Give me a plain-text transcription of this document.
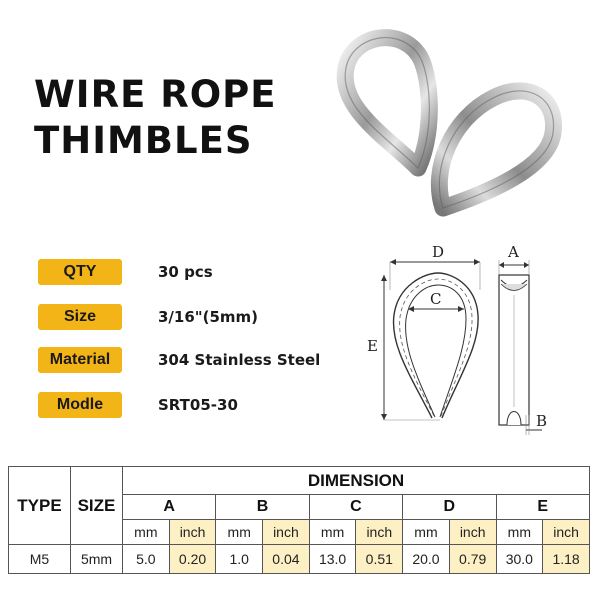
WIRE ROPE
THIMBLES
QTY	30 pcs
Size	3/16"(5mm)
Material	304 Stainless Steel
Modle	SRT05-30
D
E
C
A
B
TYPE	SIZE	DIMENSION									
		A		B		C		D		E	
		mm	inch	mm	inch	mm	inch	mm	inch	mm	inch
M5	5mm	5.0	0.20	1.0	0.04	13.0	0.51	20.0	0.79	30.0	1.18
